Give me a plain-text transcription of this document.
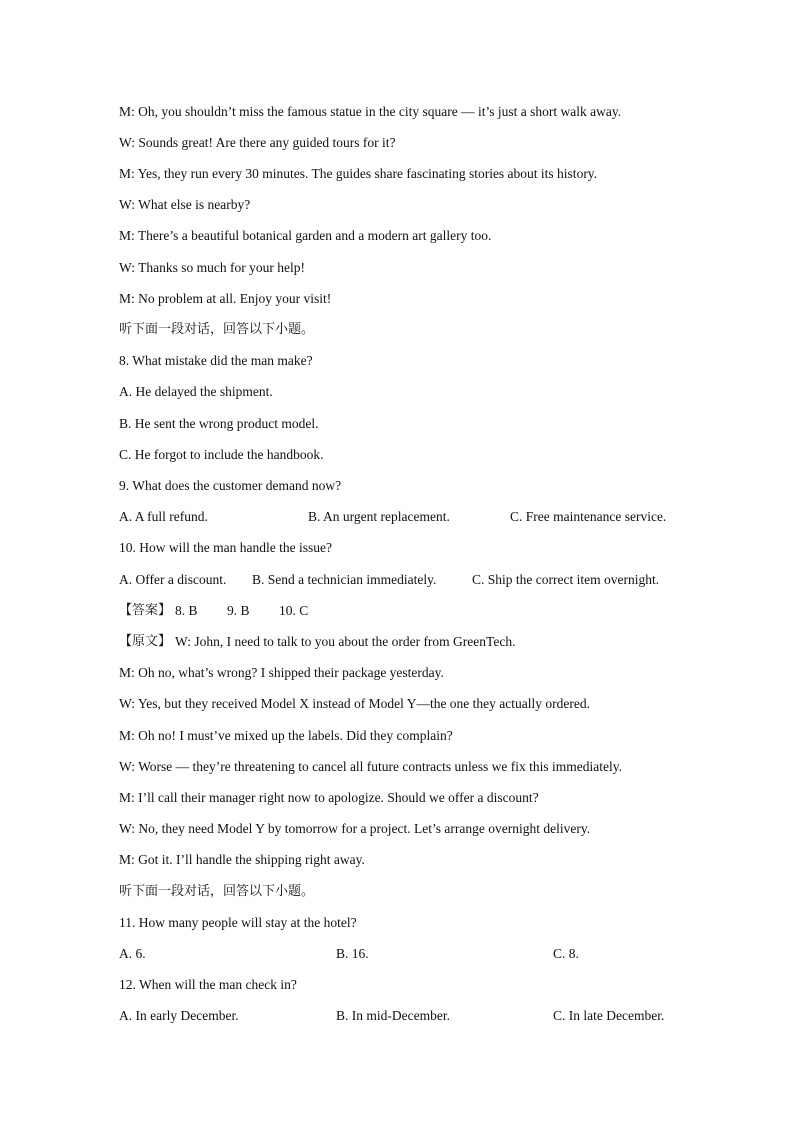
M: Oh, you shouldn’t miss the famous statue in the city square — it’s just a short walk away.
W: Sounds great! Are there any guided tours for it?
M: Yes, they run every 30 minutes. The guides share fascinating stories about its history.
W: What else is nearby?
M: There’s a beautiful botanical garden and a modern art gallery too.
W: Thanks so much for your help!
M: No problem at all. Enjoy your visit!
听下面一段对话，回答以下小题。
8. What mistake did the man make?
A. He delayed the shipment.
B. He sent the wrong product model.
C. He forgot to include the handbook.
9. What does the customer demand now?
A. A full refund.	B. An urgent replacement.	C. Free maintenance service.
10. How will the man handle the issue?
A. Offer a discount. B. Send a technician immediately.	C. Ship the correct item overnight.
【答案】 8. B 9. B 10. C
【原文】 W: John, I need to talk to you about the order from GreenTech.
M: Oh no, what’s wrong? I shipped their package yesterday.
W: Yes, but they received Model X instead of Model Y—the one they actually ordered.
M: Oh no! I must’ve mixed up the labels. Did they complain?
W: Worse — they’re threatening to cancel all future contracts unless we fix this immediately.
M: I’ll call their manager right now to apologize. Should we offer a discount?
W: No, they need Model Y by tomorrow for a project. Let’s arrange overnight delivery.
M: Got it. I’ll handle the shipping right away.
听下面一段对话，回答以下小题。
11. How many people will stay at the hotel?
A. 6.	B. 16.	C. 8.
12. When will the man check in?
A. In early December.	B. In mid-December.	C. In late December.
